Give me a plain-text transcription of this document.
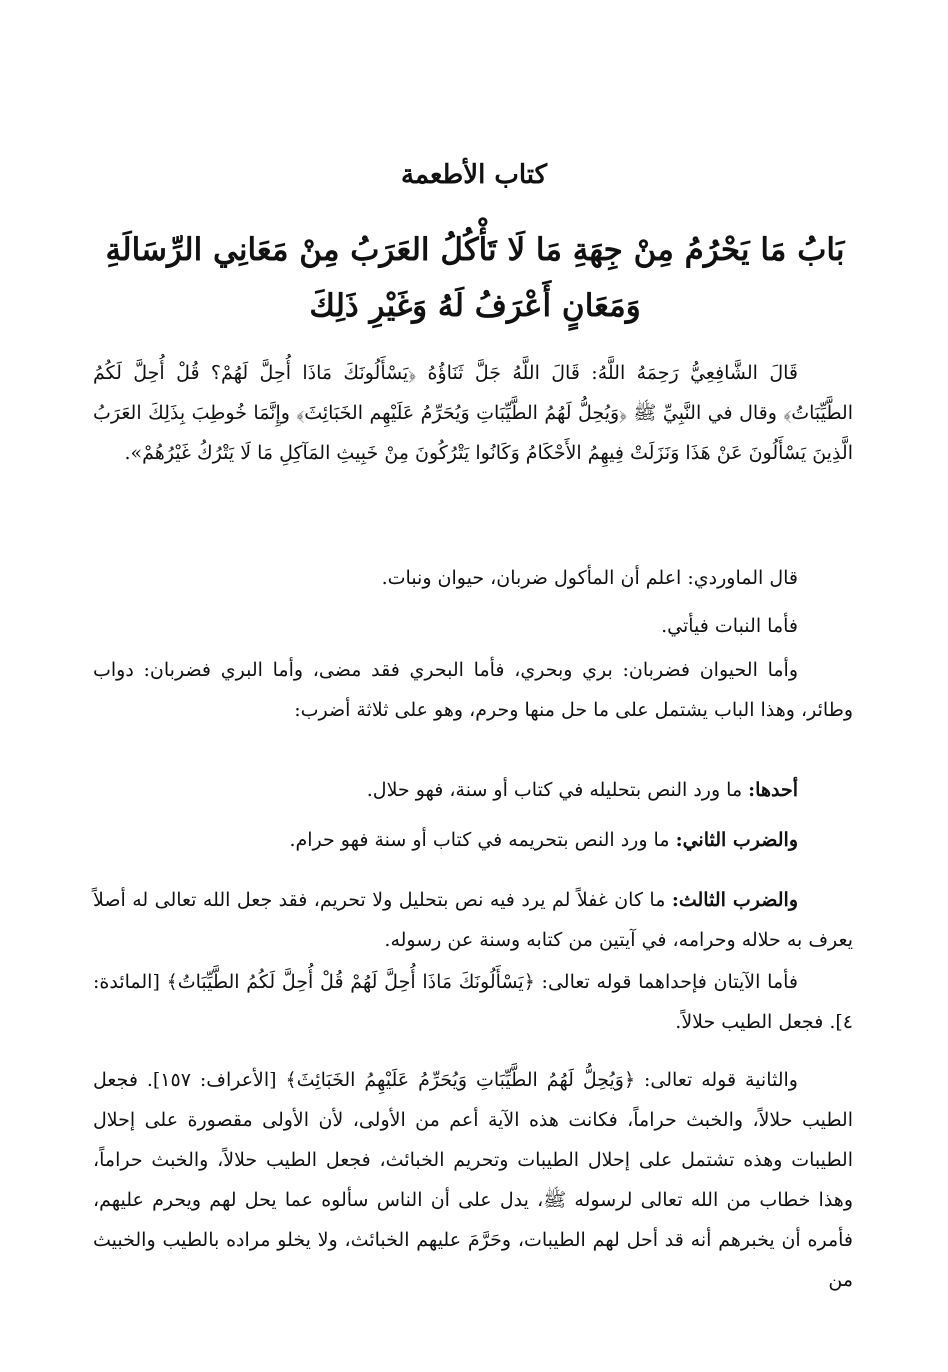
كتاب الأطعمة
بَابُ مَا يَحْرُمُ مِنْ جِهَةِ مَا لَا تَأْكُلُ العَرَبُ مِنْ مَعَانِي الرِّسَالَةِ وَمَعَانٍ أَعْرَفُ لَهُ وَغَيْرِ ذَلِكَ

قَالَ الشَّافِعِيُّ رَحِمَهُ اللَّهُ: قَالَ اللَّهُ جَلَّ ثَنَاؤُهُ ﴿يَسْأَلُونَكَ مَاذَا أُحِلَّ لَهُمْ؟ قُلْ أُحِلَّ لَكُمُ الطَّيِّبَاتُ﴾ وقال في النَّبِيِّ ﷺ ﴿وَيُحِلُّ لَهُمُ الطَّيِّبَاتِ وَيُحَرِّمُ عَلَيْهِم الخَبَائِثَ﴾ وإِنَّمَا خُوطِبَ بِذَلِكَ العَرَبُ الَّذِينَ يَسْأَلُونَ عَنْ هَذَا وَنَزَلَتْ فِيهِمُ الأَحْكَامُ وَكَانُوا يَتْرُكُونَ مِنْ خَبِيثِ المَآكِلِ مَا لَا يَتْرُكُ غَيْرُهُمْ».

قال الماوردي: اعلم أن المأكول ضربان، حيوان ونبات.

فأما النبات فيأتي.

وأما الحيوان فضربان: بري وبحري، فأما البحري فقد مضى، وأما البري فضربان: دواب وطائر، وهذا الباب يشتمل على ما حل منها وحرم، وهو على ثلاثة أضرب:

أحدها: ما ورد النص بتحليله في كتاب أو سنة، فهو حلال.

والضرب الثاني: ما ورد النص بتحريمه في كتاب أو سنة فهو حرام.

والضرب الثالث: ما كان غفلاً لم يرد فيه نص بتحليل ولا تحريم، فقد جعل الله تعالى له أصلاً يعرف به حلاله وحرامه، في آيتين من كتابه وسنة عن رسوله.

فأما الآيتان فإحداهما قوله تعالى: ﴿يَسْأَلُونَكَ مَاذَا أُحِلَّ لَهُمْ قُلْ أُحِلَّ لَكُمُ الطَّيِّبَاتُ﴾ [المائدة: ٤]. فجعل الطيب حلالاً.

والثانية قوله تعالى: ﴿وَيُحِلُّ لَهُمُ الطَّيِّبَاتِ وَيُحَرِّمُ عَلَيْهِمُ الخَبَائِثَ﴾ [الأعراف: ١٥٧]. فجعل الطيب حلالاً، والخبث حراماً، فكانت هذه الآية أعم من الأولى، لأن الأولى مقصورة على إحلال الطيبات وهذه تشتمل على إحلال الطيبات وتحريم الخبائث، فجعل الطيب حلالاً، والخبث حراماً، وهذا خطاب من الله تعالى لرسوله ﷺ، يدل على أن الناس سألوه عما يحل لهم ويحرم عليهم، فأمره أن يخبرهم أنه قد أحل لهم الطيبات، وحَرَّمَ عليهم الخبائث، ولا يخلو مراده بالطيب والخبيث من
